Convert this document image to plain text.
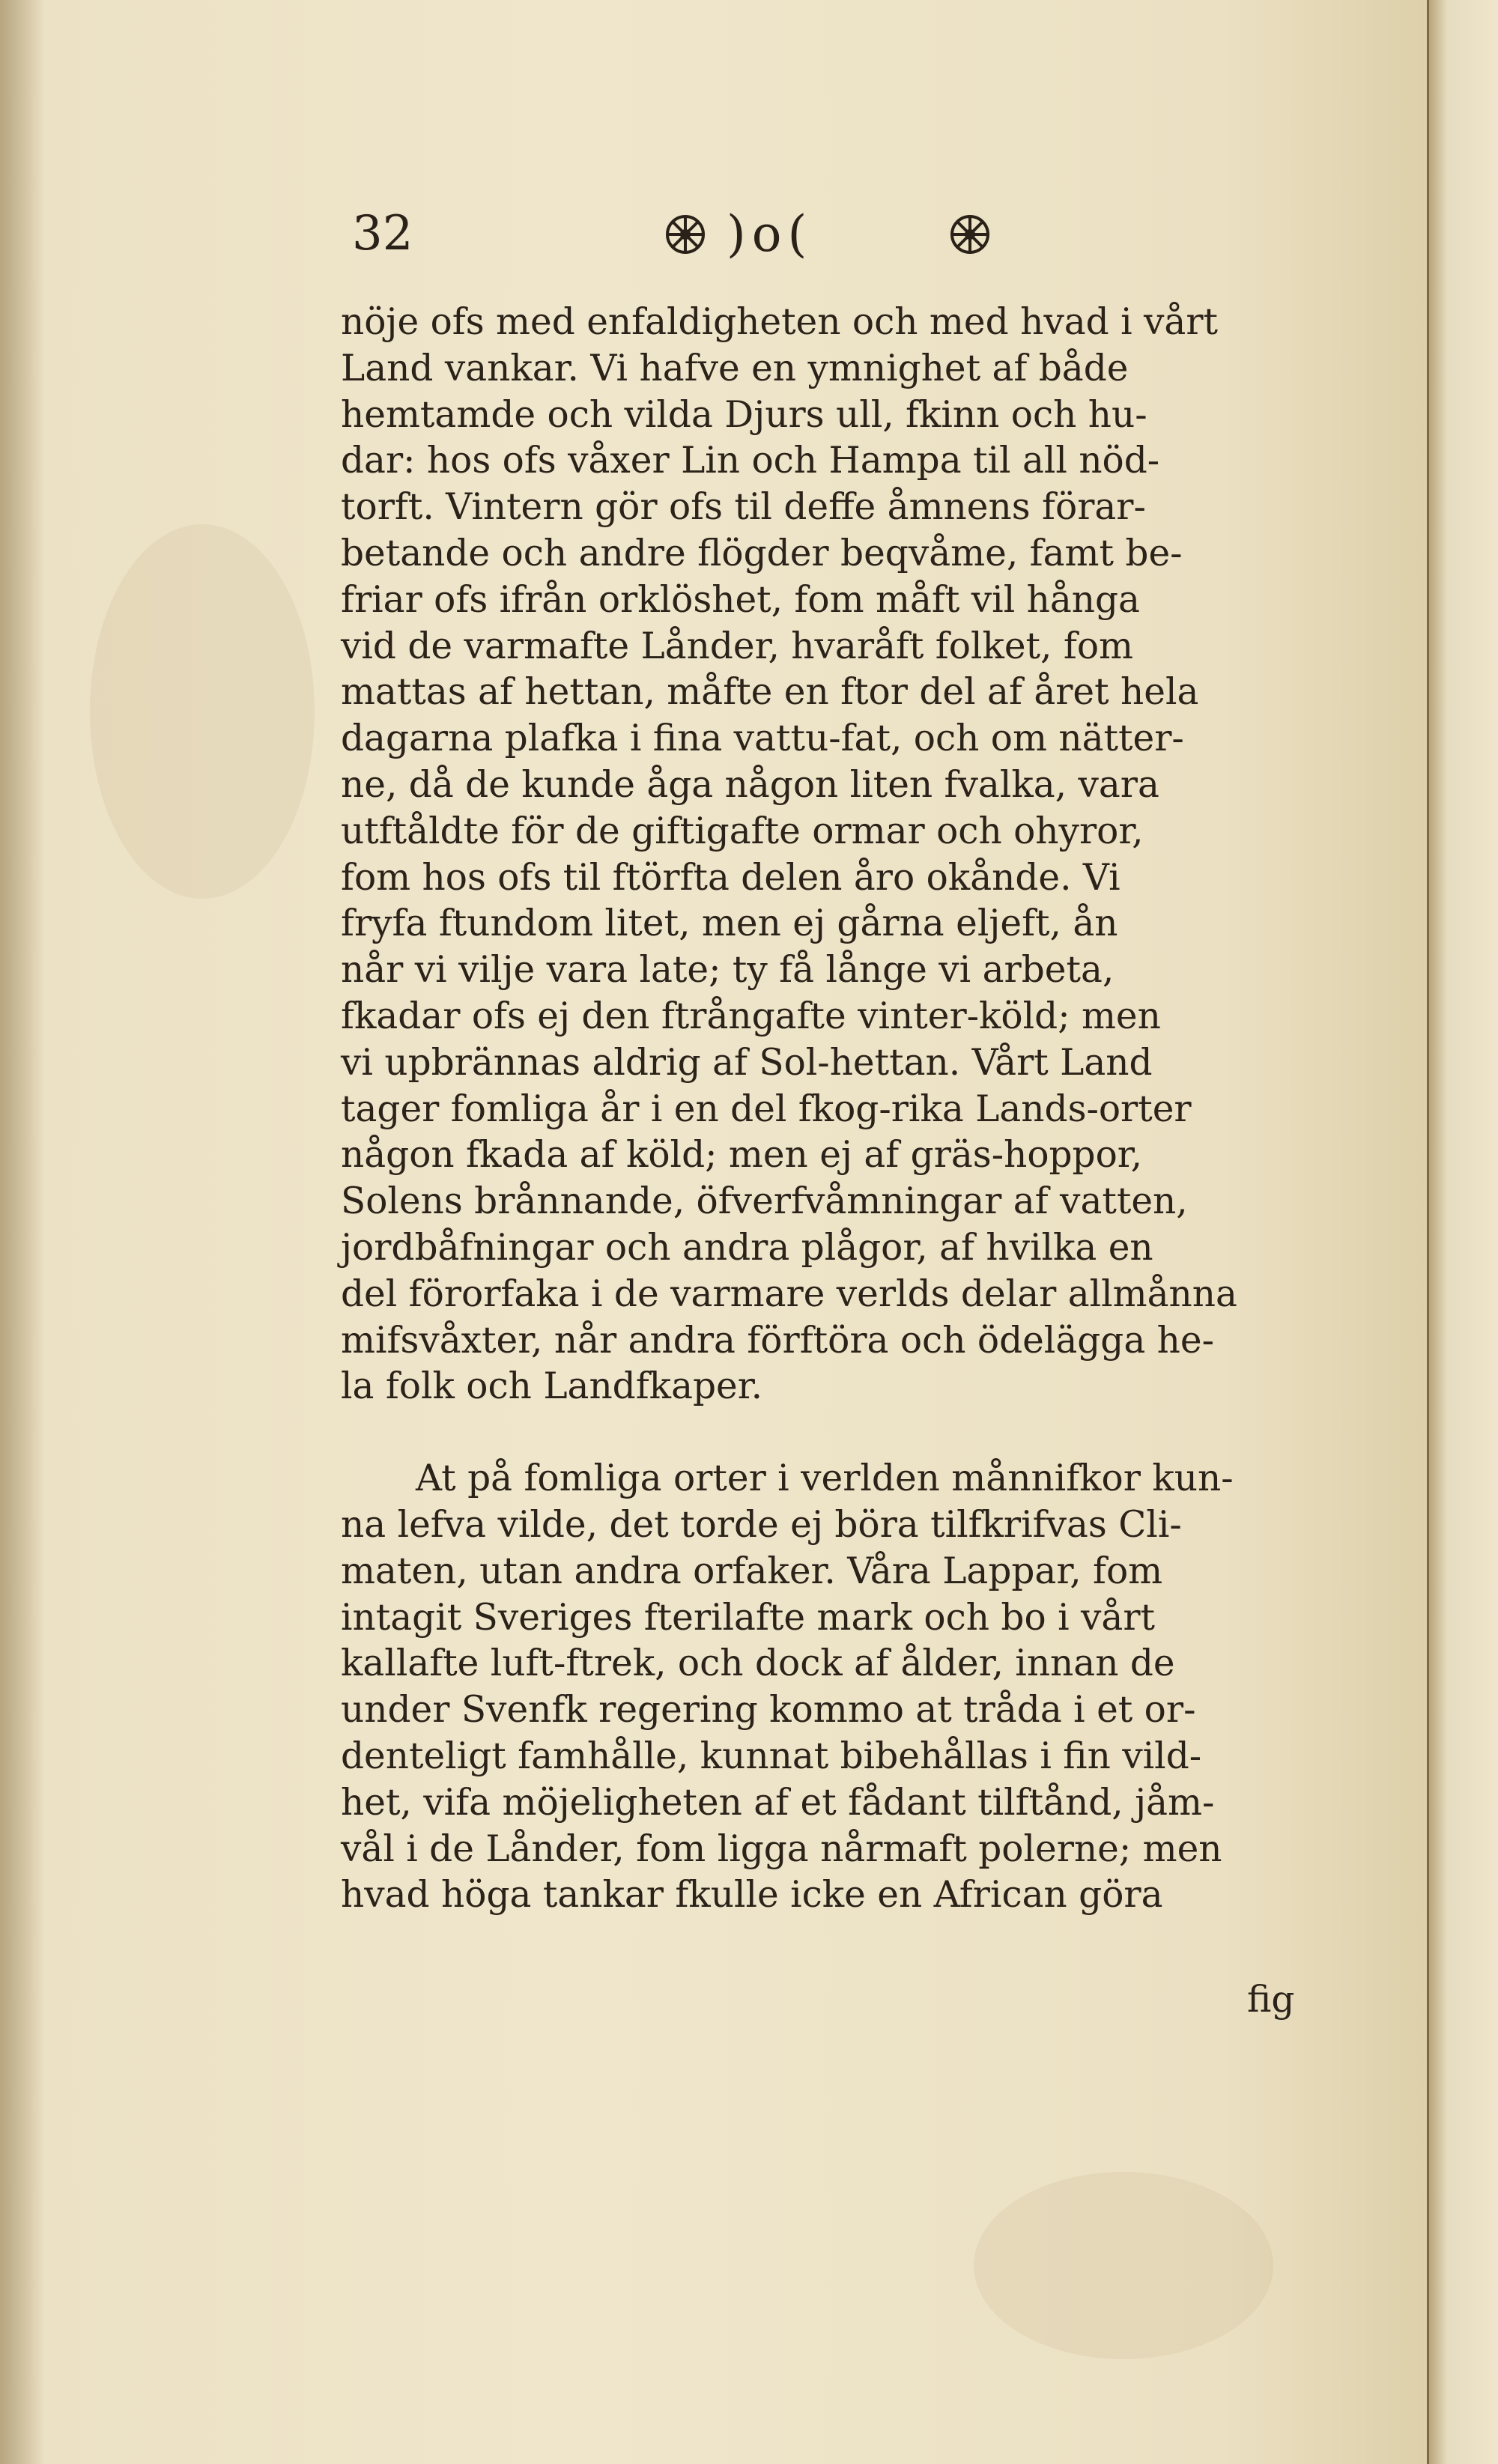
32	)o(
nöje ofs med enfaldigheten och med hvad i vårt
Land vankar. Vi hafve en ymnighet af både
hemtamde och vilda Djurs ull, fkinn och hu-
dar: hos ofs våxer Lin och Hampa til all nöd-
torft. Vintern gör ofs til deffe åmnens förar-
betande och andre flögder beqvåme, famt be-
friar ofs ifrån orklöshet, fom måft vil hånga
vid de varmafte Lånder, hvaråft folket, fom
mattas af hettan, måfte en ftor del af året hela
dagarna plafka i fina vattu-fat, och om nätter-
ne, då de kunde åga någon liten fvalka, vara
utftåldte för de giftigafte ormar och ohyror,
fom hos ofs til ftörfta delen åro okånde. Vi
fryfa ftundom litet, men ej gårna eljeft, ån
når vi vilje vara late; ty få långe vi arbeta,
fkadar ofs ej den ftrångafte vinter-köld; men
vi upbrännas aldrig af Sol-hettan. Vårt Land
tager fomliga år i en del fkog-rika Lands-orter
någon fkada af köld; men ej af gräs-hoppor,
Solens brånnande, öfverfvåmningar af vatten,
jordbåfningar och andra plågor, af hvilka en
del förorfaka i de varmare verlds delar allmånna
mifsvåxter, når andra förftöra och ödelägga he-
la folk och Landfkaper.
At på fomliga orter i verlden månnifkor kun-
na lefva vilde, det torde ej böra tilfkrifvas Cli-
maten, utan andra orfaker. Våra Lappar, fom
intagit Sveriges fterilafte mark och bo i vårt
kallafte luft-ftrek, och dock af ålder, innan de
under Svenfk regering kommo at tråda i et or-
denteligt famhålle, kunnat bibehållas i fin vild-
het, vifa möjeligheten af et fådant tilftånd, jåm-
vål i de Lånder, fom ligga nårmaft polerne; men
hvad höga tankar fkulle icke en African göra
fig
